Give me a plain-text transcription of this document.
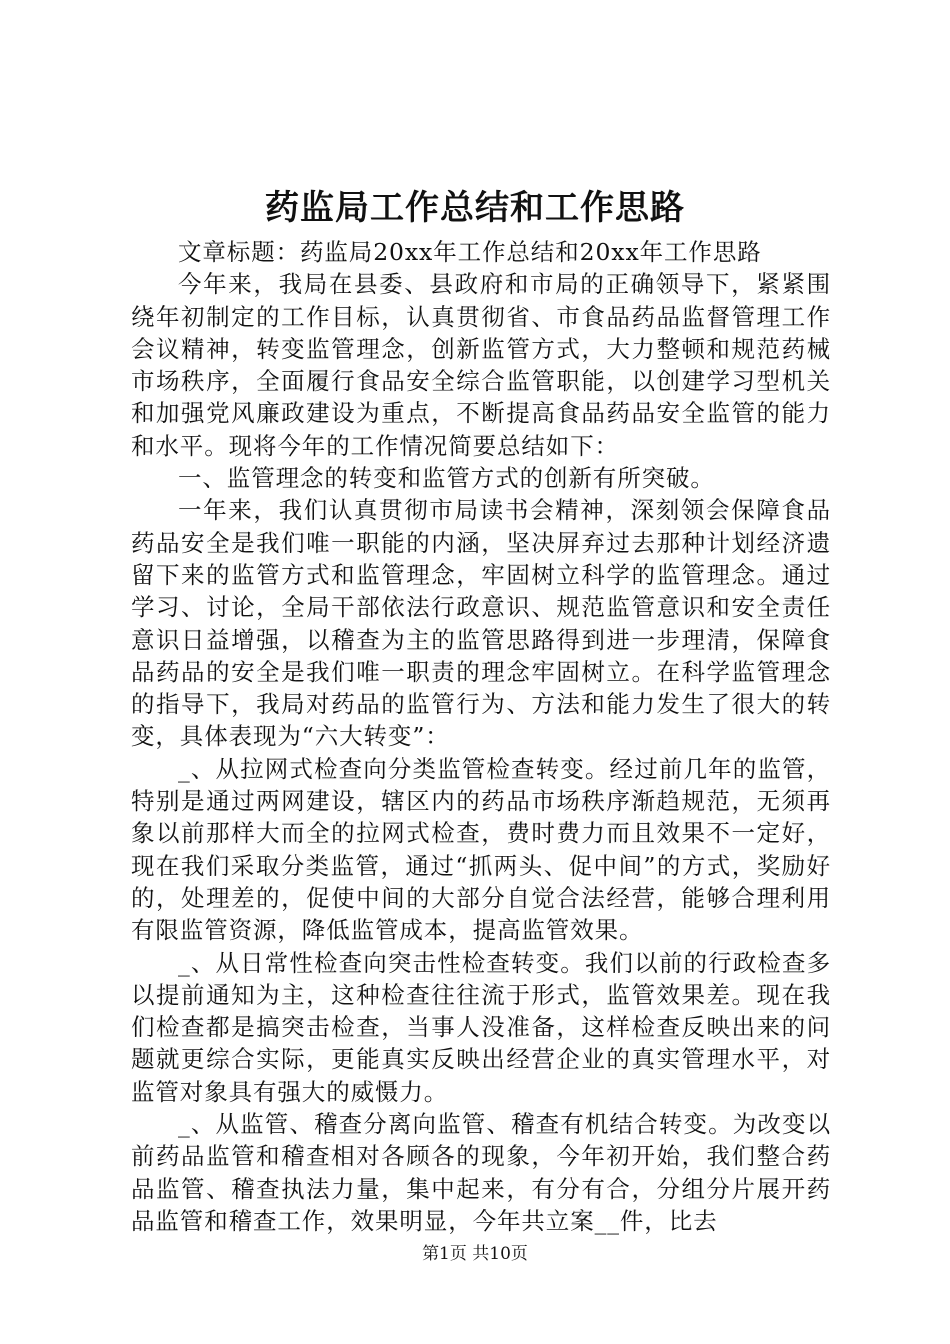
药监局工作总结和工作思路

文章标题：药监局20xx年工作总结和20xx年工作思路

今年来，我局在县委、县政府和市局的正确领导下，紧紧围绕年初制定的工作目标，认真贯彻省、市食品药品监督管理工作会议精神，转变监管理念，创新监管方式，大力整顿和规范药械市场秩序，全面履行食品安全综合监管职能，以创建学习型机关和加强党风廉政建设为重点，不断提高食品药品安全监管的能力和水平。现将今年的工作情况简要总结如下：

一、监管理念的转变和监管方式的创新有所突破。

一年来，我们认真贯彻市局读书会精神，深刻领会保障食品药品安全是我们唯一职能的内涵，坚决屏弃过去那种计划经济遗留下来的监管方式和监管理念，牢固树立科学的监管理念。通过学习、讨论，全局干部依法行政意识、规范监管意识和安全责任意识日益增强，以稽查为主的监管思路得到进一步理清，保障食品药品的安全是我们唯一职责的理念牢固树立。在科学监管理念的指导下，我局对药品的监管行为、方法和能力发生了很大的转变，具体表现为“六大转变”：

_、从拉网式检查向分类监管检查转变。经过前几年的监管，特别是通过两网建设，辖区内的药品市场秩序渐趋规范，无须再象以前那样大而全的拉网式检查，费时费力而且效果不一定好，现在我们采取分类监管，通过“抓两头、促中间”的方式，奖励好的，处理差的，促使中间的大部分自觉合法经营，能够合理利用有限监管资源，降低监管成本，提高监管效果。

_、从日常性检查向突击性检查转变。我们以前的行政检查多以提前通知为主，这种检查往往流于形式，监管效果差。现在我们检查都是搞突击检查，当事人没准备，这样检查反映出来的问题就更综合实际，更能真实反映出经营企业的真实管理水平，对监管对象具有强大的威慑力。

_、从监管、稽查分离向监管、稽查有机结合转变。为改变以前药品监管和稽查相对各顾各的现象，今年初开始，我们整合药品监管、稽查执法力量，集中起来，有分有合，分组分片展开药品监管和稽查工作，效果明显，今年共立案__件，比去

第1页 共10页
